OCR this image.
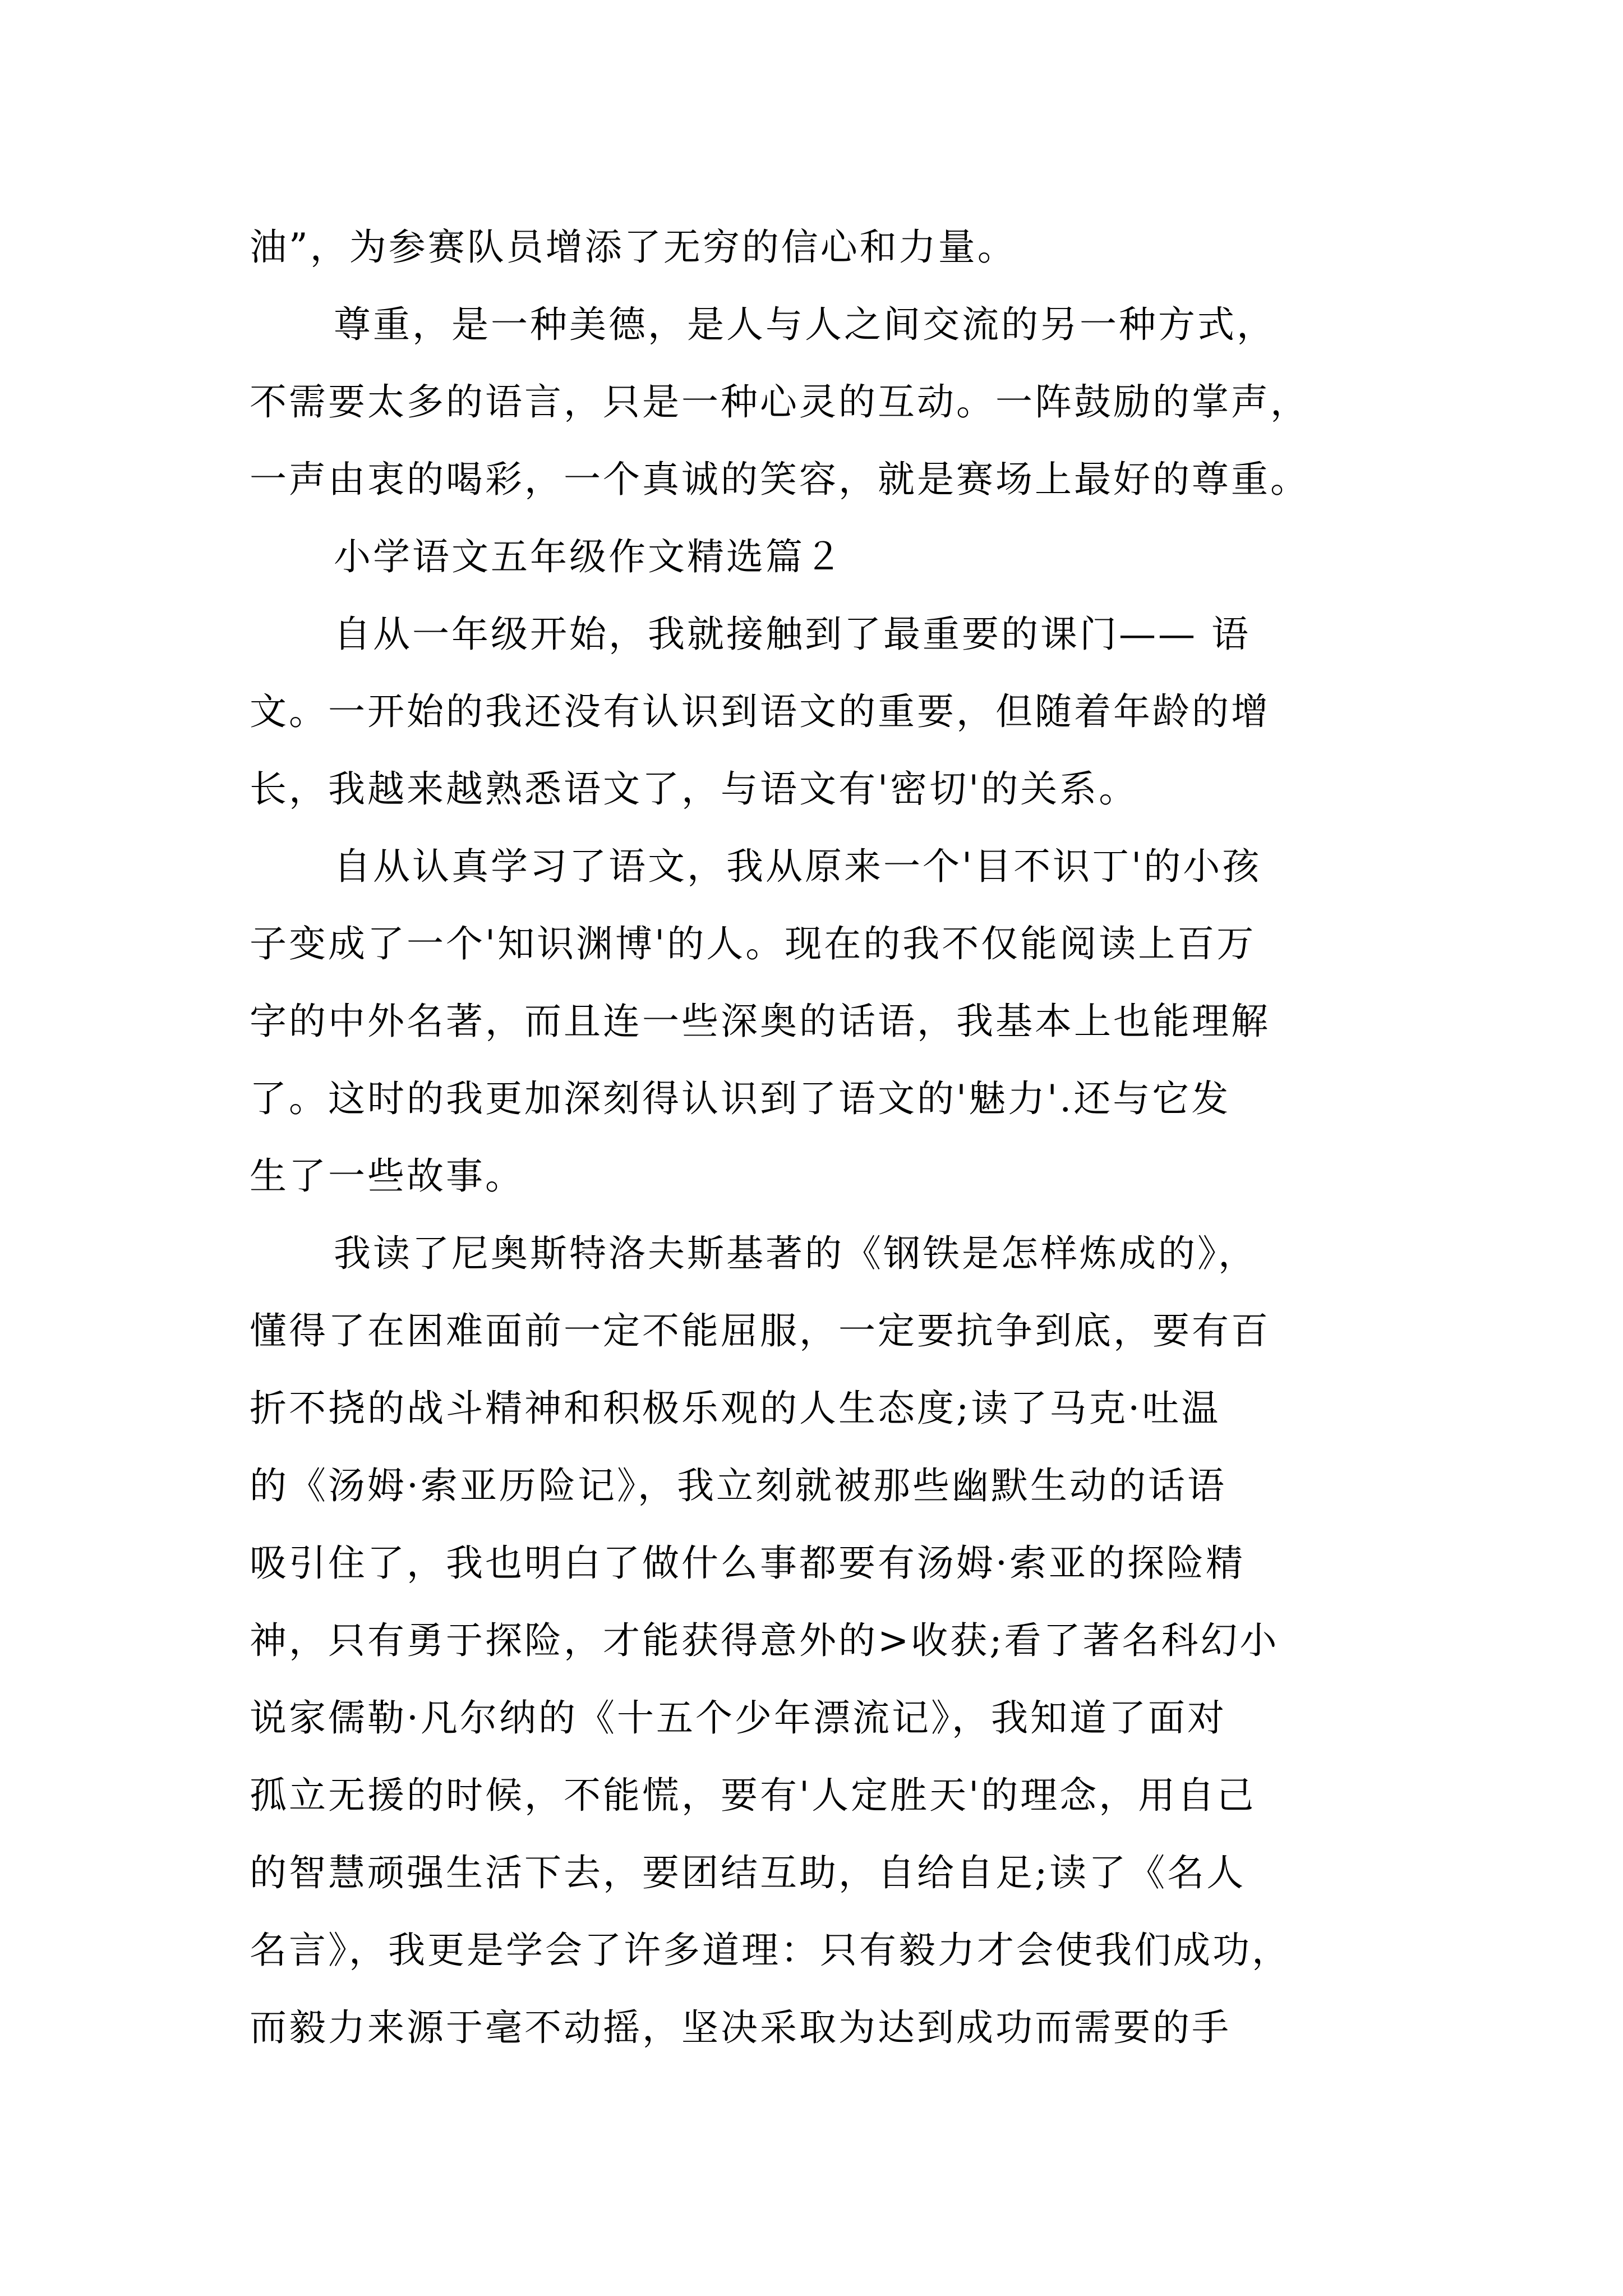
油”，为参赛队员增添了无穷的信心和力量。
尊重，是一种美德，是人与人之间交流的另一种方式，
不需要太多的语言，只是一种心灵的互动。一阵鼓励的掌声，
一声由衷的喝彩，一个真诚的笑容，就是赛场上最好的尊重。
小学语文五年级作文精选篇２
自从一年级开始，我就接触到了最重要的课门—— 语
文。一开始的我还没有认识到语文的重要，但随着年龄的增
长，我越来越熟悉语文了，与语文有'密切'的关系。
自从认真学习了语文，我从原来一个'目不识丁'的小孩
子变成了一个'知识渊博'的人。现在的我不仅能阅读上百万
字的中外名著，而且连一些深奥的话语，我基本上也能理解
了。这时的我更加深刻得认识到了语文的'魅力'.还与它发
生了一些故事。
我读了尼奥斯特洛夫斯基著的《钢铁是怎样炼成的》，
懂得了在困难面前一定不能屈服，一定要抗争到底，要有百
折不挠的战斗精神和积极乐观的人生态度;读了马克·吐温
的《汤姆·索亚历险记》，我立刻就被那些幽默生动的话语
吸引住了，我也明白了做什么事都要有汤姆·索亚的探险精
神，只有勇于探险，才能获得意外的>收获;看了著名科幻小
说家儒勒·凡尔纳的《十五个少年漂流记》，我知道了面对
孤立无援的时候，不能慌，要有'人定胜天'的理念，用自己
的智慧顽强生活下去，要团结互助，自给自足;读了《名人
名言》，我更是学会了许多道理：只有毅力才会使我们成功，
而毅力来源于毫不动摇，坚决采取为达到成功而需要的手
